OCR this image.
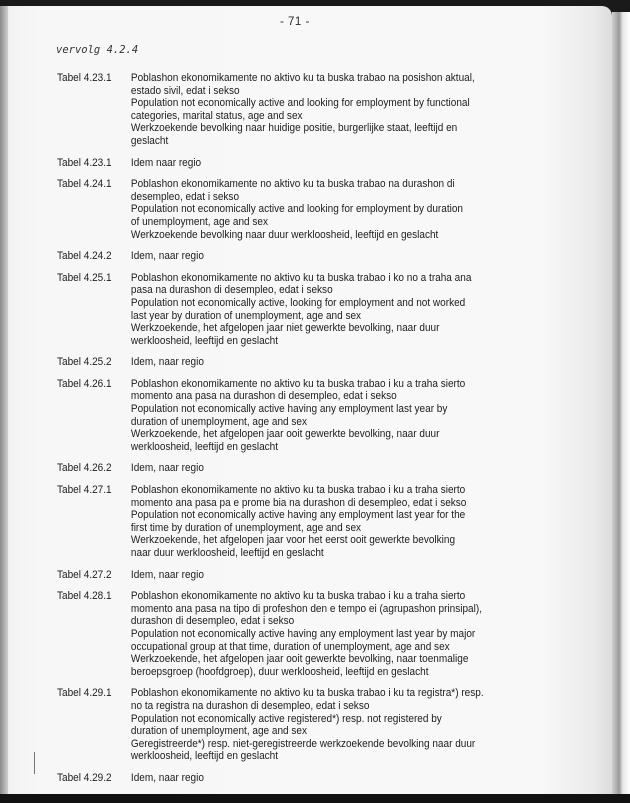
- 71 -
vervolg 4.2.4
Tabel 4.23.1	Poblashon ekonomikamente no aktivo ku ta buska trabao na posishon aktual,
estado sivil, edat i sekso
Population not economically active and looking for employment by functional
categories, marital status, age and sex
Werkzoekende bevolking naar huidige positie, burgerlijke staat, leeftijd en
geslacht
Tabel 4.23.1	Idem naar regio
Tabel 4.24.1	Poblashon ekonomikamente no aktivo ku ta buska trabao na durashon di
desempleo, edat i sekso
Population not economically active and looking for employment by duration
of unemployment, age and sex
Werkzoekende bevolking naar duur werkloosheid, leeftijd en geslacht
Tabel 4.24.2	Idem, naar regio
Tabel 4.25.1	Poblashon ekonomikamente no aktivo ku ta buska trabao i ko no a traha ana
pasa na durashon di desempleo, edat i sekso
Population not economically active, looking for employment and not worked
last year by duration of unemployment, age and sex
Werkzoekende, het afgelopen jaar niet gewerkte bevolking, naar duur
werkloosheid, leeftijd en geslacht
Tabel 4.25.2	Idem, naar regio
Tabel 4.26.1	Poblashon ekonomikamente no aktivo ku ta buska trabao i ku a traha sierto
momento ana pasa na durashon di desempleo, edat i sekso
Population not economically active having any employment last year by
duration of unemployment, age and sex
Werkzoekende, het afgelopen jaar ooit gewerkte bevolking, naar duur
werkloosheid, leeftijd en geslacht
Tabel 4.26.2	Idem, naar regio
Tabel 4.27.1	Poblashon ekonomikamente no aktivo ku ta buska trabao i ku a traha sierto
momento ana pasa pa e prome bia na durashon di desempleo, edat i sekso
Population not economically active having any employment last year for the
first time by duration of unemployment, age and sex
Werkzoekende, het afgelopen jaar voor het eerst ooit gewerkte bevolking
naar duur werkloosheid, leeftijd en geslacht
Tabel 4.27.2	Idem, naar regio
Tabel 4.28.1	Poblashon ekonomikamente no aktivo ku ta buska trabao i ku a traha sierto
momento ana pasa na tipo di profeshon den e tempo ei (agrupashon prinsipal),
durashon di desempleo, edat i sekso
Population not economically active having any employment last year by major
occupational group at that time, duration of unemployment, age and sex
Werkzoekende, het afgelopen jaar ooit gewerkte bevolking, naar toenmalige
beroepsgroep (hoofdgroep), duur werkloosheid, leeftijd en geslacht
Tabel 4.29.1	Poblashon ekonomikamente no aktivo ku ta buska trabao i ku ta registra*) resp.
no ta registra na durashon di desempleo, edat i sekso
Population not economically active registered*) resp. not registered by
duration of unemployment, age and sex
Geregistreerde*) resp. niet-geregistreerde werkzoekende bevolking naar duur
werkloosheid, leeftijd en geslacht
Tabel 4.29.2	Idem, naar regio
